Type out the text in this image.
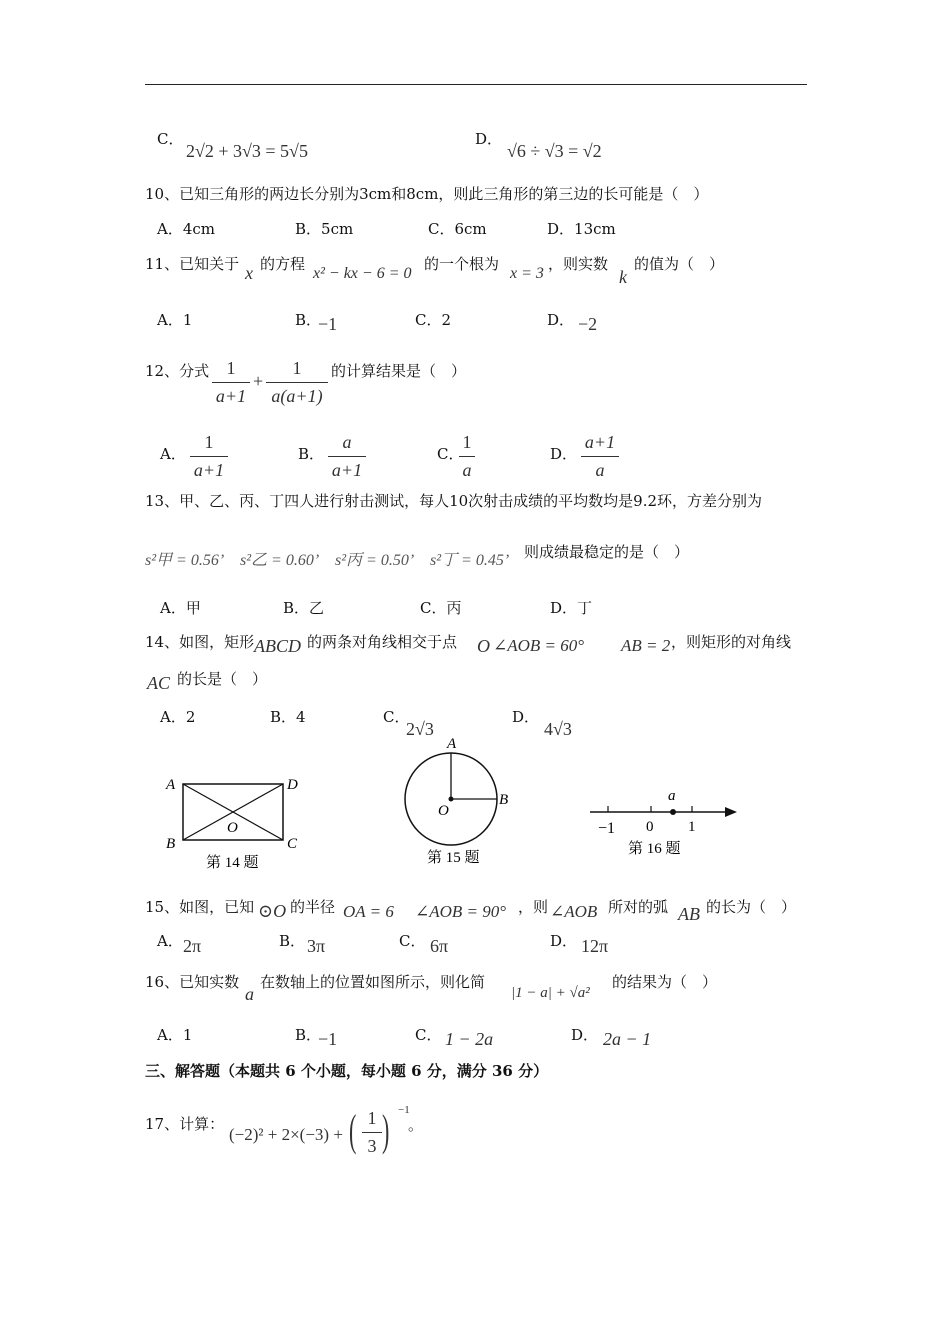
C．
2√2 + 3√3 = 5√5
D．
√6 ÷ √3 = √2
10、已知三角形的两边长分别为3cm和8cm，则此三角形的第三边的长可能是（　）
A．4cm	B．5cm	C．6cm	D．13cm
11、已知关于 x 的方程
x² − kx − 6 = 0
的一个根为
x = 3
，则实数
k
的值为（　）
A．1	B．
−1	C．2	D． −2
12、分式 1
a+1
+
1
a(a+1)
的计算结果是（　）
A．
1
a+1
B．
a
a+1
C．
1
a
D．
a+1
a
13、甲、乙、丙、丁四人进行射击测试，每人10次射击成绩的平均数均是9.2环，方差分别为
s²甲 = 0.56’ s²乙 = 0.60’ s²丙 = 0.50’ s²丁 = 0.45’ 则成绩最稳定的是（　）
A．甲	B．乙	C．丙	D．丁
14、如图，矩形 ABCD 的两条对角线相交于点 O ∠AOB = 60° AB = 2 ，则矩形的对角线
AC 的长是（　）
A．2	B．4	C．
2√3
D．
4√3
A	D
B	C
O
第 14 题
A
B
O
第 15 题
a
−1 0 1
第 16 题
15、如图，已知 ⊙O 的半径 OA = 6 ∠AOB = 90° ，则 ∠AOB 所对的弧 AB 的长为（　）
A． 2π	B． 3π	C． 6π	D． 12π
16、已知实数
a
在数轴上的位置如图所示，则化简
|1 − a| + √a²
的结果为（　）
A．1	B．
−1	C． 1 − 2a	D． 2a − 1
三、解答题（本题共 6 个小题，每小题 6 分，满分 36 分）
17、计算：
(−2)² + 2×(−3) + ( 1
3 ) −1
。
